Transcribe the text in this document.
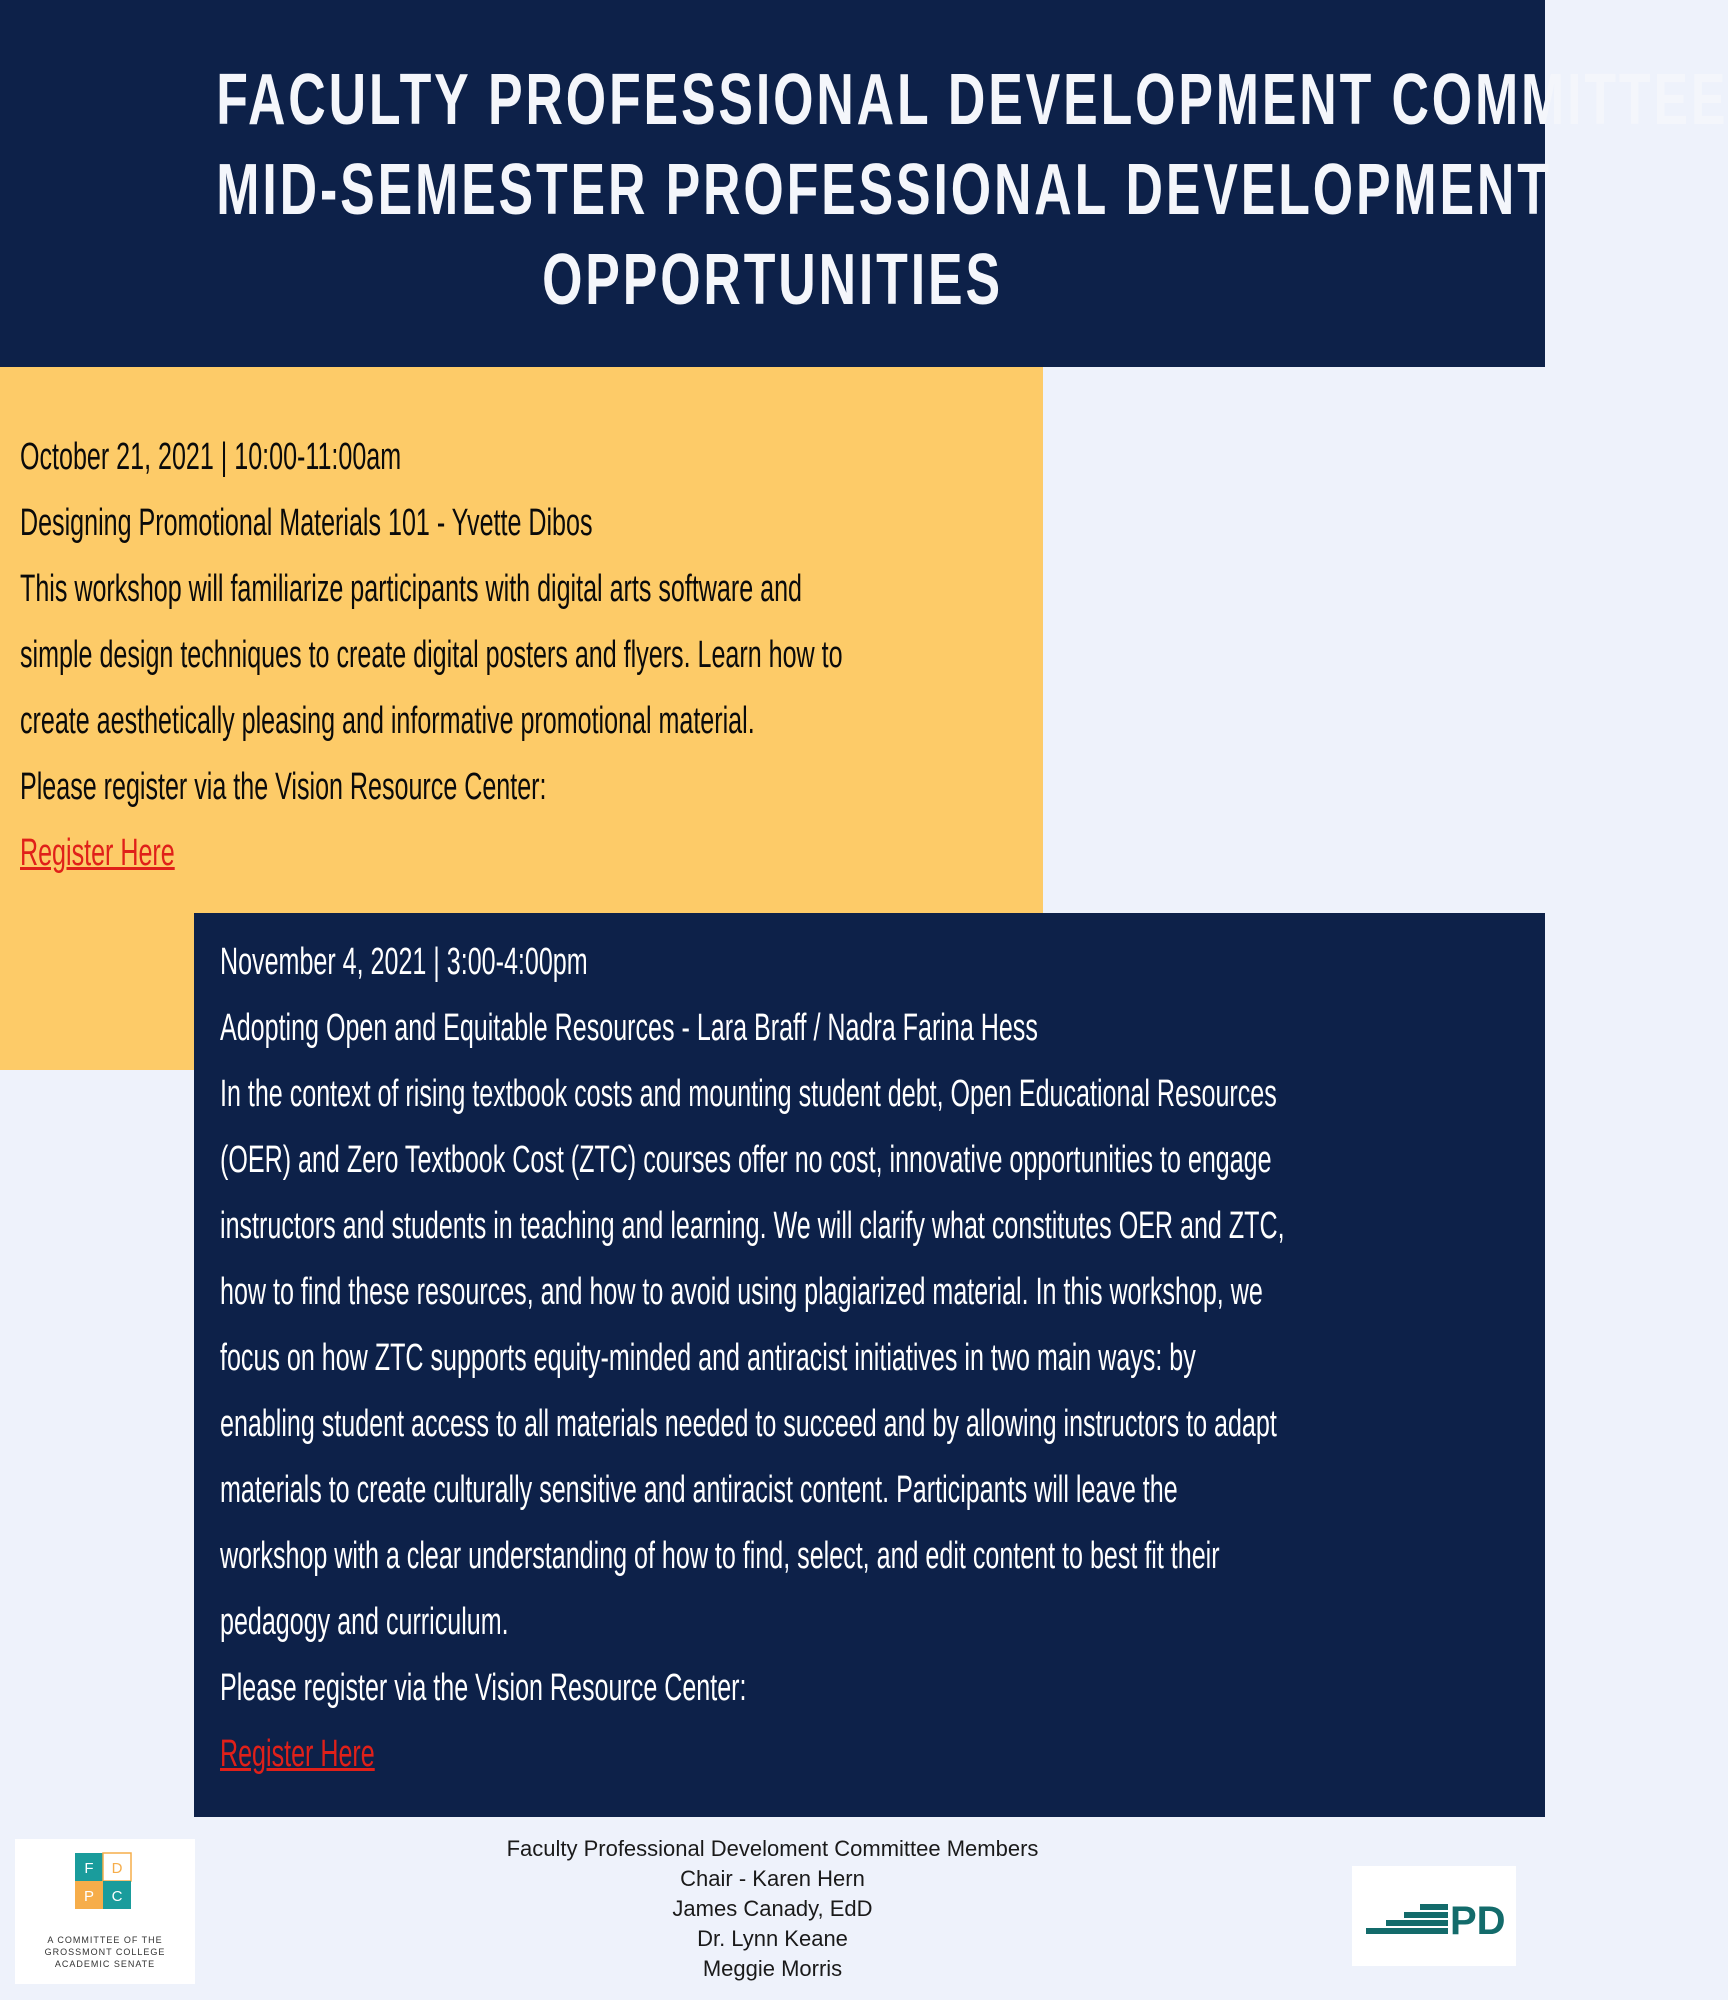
FACULTY PROFESSIONAL DEVELOPMENT COMMITTEE
MID-SEMESTER PROFESSIONAL DEVELOPMENT
OPPORTUNITIES
October 21, 2021 | 10:00-11:00am
Designing Promotional Materials 101 - Yvette Dibos
This workshop will familiarize participants with digital arts software and
simple design techniques to create digital posters and flyers. Learn how to
create aesthetically pleasing and informative promotional material.
Please register via the Vision Resource Center:
Register Here
November 4, 2021 | 3:00-4:00pm
Adopting Open and Equitable Resources - Lara Braff / Nadra Farina Hess
In the context of rising textbook costs and mounting student debt, Open Educational Resources
(OER) and Zero Textbook Cost (ZTC) courses offer no cost, innovative opportunities to engage
instructors and students in teaching and learning. We will clarify what constitutes OER and ZTC,
how to find these resources, and how to avoid using plagiarized material. In this workshop, we
focus on how ZTC supports equity-minded and antiracist initiatives in two main ways: by
enabling student access to all materials needed to succeed and by allowing instructors to adapt
materials to create culturally sensitive and antiracist content. Participants will leave the
workshop with a clear understanding of how to find, select, and edit content to best fit their
pedagogy and curriculum.
Please register via the Vision Resource Center:
Register Here
Faculty Professional Develoment Committee Members
Chair - Karen Hern
James Canady, EdD
Dr. Lynn Keane
Meggie Morris
F D
P C
A COMMITTEE OF THE
GROSSMONT COLLEGE
ACADEMIC SENATE
PD
